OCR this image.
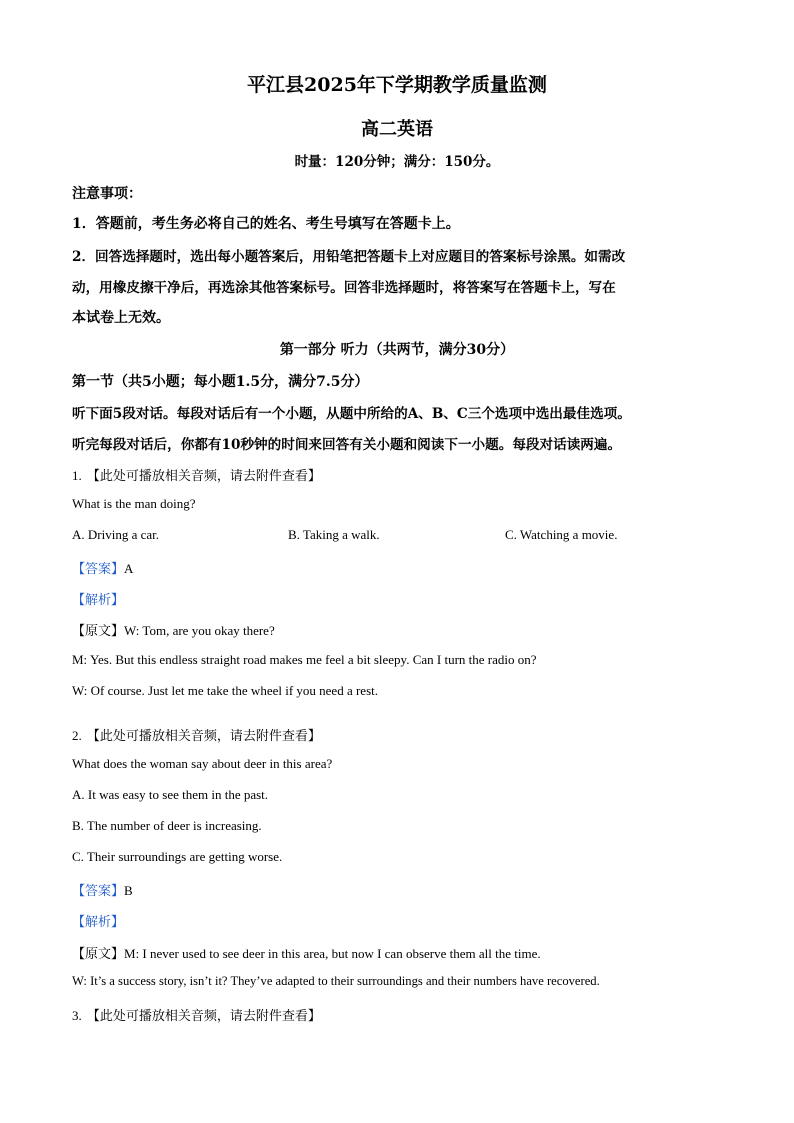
平江县2025年下学期教学质量监测
高二英语
时量：120分钟；满分：150分。
注意事项：
1．答题前，考生务必将自己的姓名、考生号填写在答题卡上。
2．回答选择题时，选出每小题答案后，用铅笔把答题卡上对应题目的答案标号涂黑。如需改
动，用橡皮擦干净后，再选涂其他答案标号。回答非选择题时，将答案写在答题卡上，写在
本试卷上无效。
第一部分 听力（共两节，满分30分）
第一节（共5小题；每小题1.5分，满分7.5分）
听下面5段对话。每段对话后有一个小题，从题中所给的A、B、C三个选项中选出最佳选项。
听完每段对话后，你都有10秒钟的时间来回答有关小题和阅读下一小题。每段对话读两遍。
1. 【此处可播放相关音频，请去附件查看】
What is the man doing?
A. Driving a car.	B. Taking a walk.	C. Watching a movie.
【答案】A
【解析】
【原文】W: Tom, are you okay there?
M: Yes. But this endless straight road makes me feel a bit sleepy. Can I turn the radio on?
W: Of course. Just let me take the wheel if you need a rest.
2. 【此处可播放相关音频，请去附件查看】
What does the woman say about deer in this area?
A. It was easy to see them in the past.
B. The number of deer is increasing.
C. Their surroundings are getting worse.
【答案】B
【解析】
【原文】M: I never used to see deer in this area, but now I can observe them all the time.
W: It’s a success story, isn’t it? They’ve adapted to their surroundings and their numbers have recovered.
3. 【此处可播放相关音频，请去附件查看】
